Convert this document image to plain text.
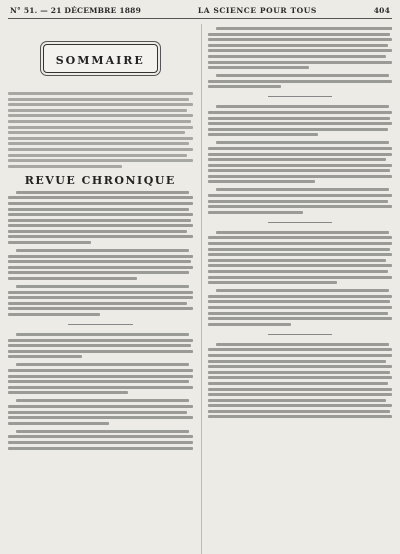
N° 51. — 21 DÉCEMBRE 1889	LA SCIENCE POUR TOUS	404
SOMMAIRE
REVUE CHRONIQUE
